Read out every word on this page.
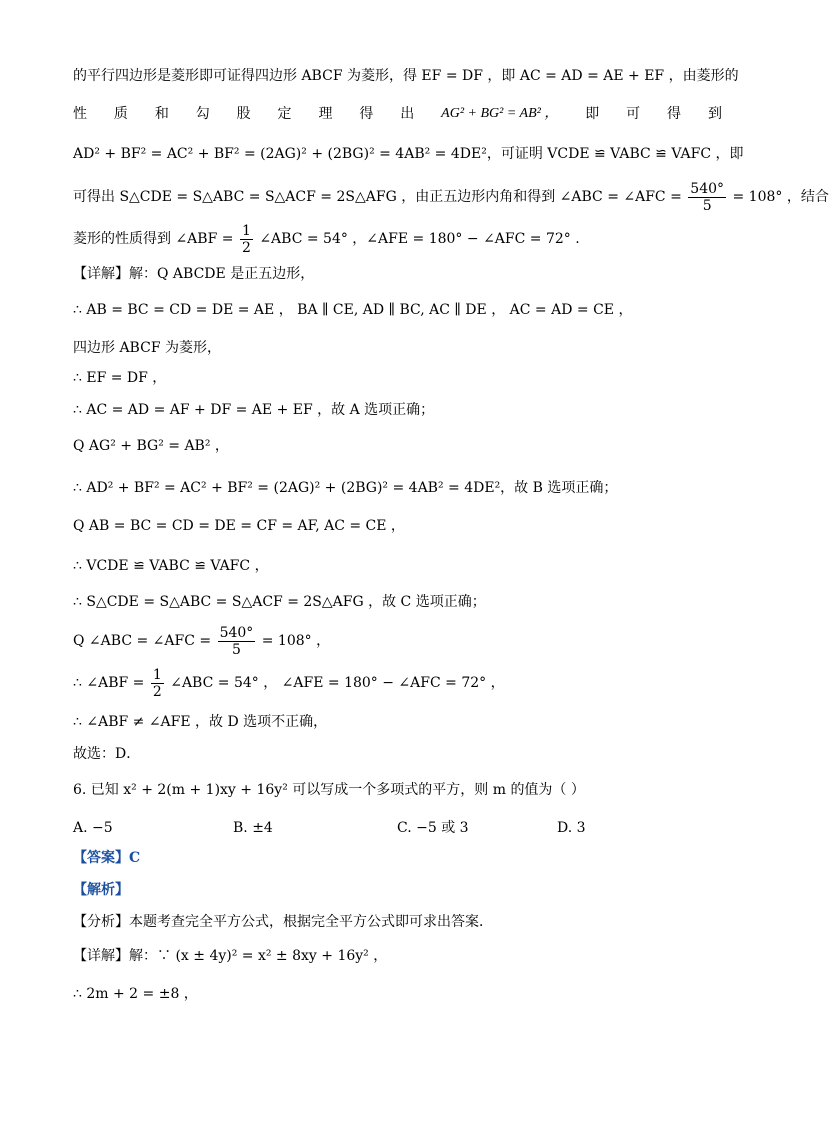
的平行四边形是菱形即可证得四边形 ABCF 为菱形，得 EF = DF ，即 AC = AD = AE + EF ，由菱形的
性 质 和 勾 股 定 理 得 出 AG² + BG² = AB² ， 即 可 得 到
AD² + BF² = AC² + BF² = (2AG)² + (2BG)² = 4AB² = 4DE²，可证明 VCDE ≌ VABC ≌ VAFC ，即
可得出 S△CDE = S△ABC = S△ACF = 2S△AFG ，由正五边形内角和得到 ∠ABC = ∠AFC = $\frac{540^\circ}{5} = 108^\circ$ ，结合
菱形的性质得到 ∠ABF = $\frac{1}{2}$ ∠ABC = 54° ，∠AFE = 180° − ∠AFC = 72° .
【详解】解：Q ABCDE 是正五边形，
∴ AB = BC = CD = DE = AE ， BA ∥ CE, AD ∥ BC, AC ∥ DE ， AC = AD = CE ，
四边形 ABCF 为菱形，
∴ EF = DF ，
∴ AC = AD = AF + DF = AE + EF ，故 A 选项正确；
Q AG² + BG² = AB² ，
∴ AD² + BF² = AC² + BF² = (2AG)² + (2BG)² = 4AB² = 4DE²，故 B 选项正确；
Q AB = BC = CD = DE = CF = AF, AC = CE ，
∴ VCDE ≌ VABC ≌ VAFC ，
∴ S△CDE = S△ABC = S△ACF = 2S△AFG ，故 C 选项正确；
Q ∠ABC = ∠AFC = $\frac{540^\circ}{5} = 108^\circ$ ，
∴ ∠ABF = $\frac{1}{2}$ ∠ABC = 54° ， ∠AFE = 180° − ∠AFC = 72° ，
∴ ∠ABF ≠ ∠AFE ，故 D 选项不正确，
故选：D．
6. 已知 x² + 2(m + 1)xy + 16y² 可以写成一个多项式的平方，则 m 的值为（ ）
A. −5	B. ±4	C. −5 或 3	D. 3
【答案】C
【解析】
【分析】本题考查完全平方公式，根据完全平方公式即可求出答案．
【详解】解：∵ (x ± 4y)² = x² ± 8xy + 16y² ，
∴ 2m + 2 = ±8 ，
